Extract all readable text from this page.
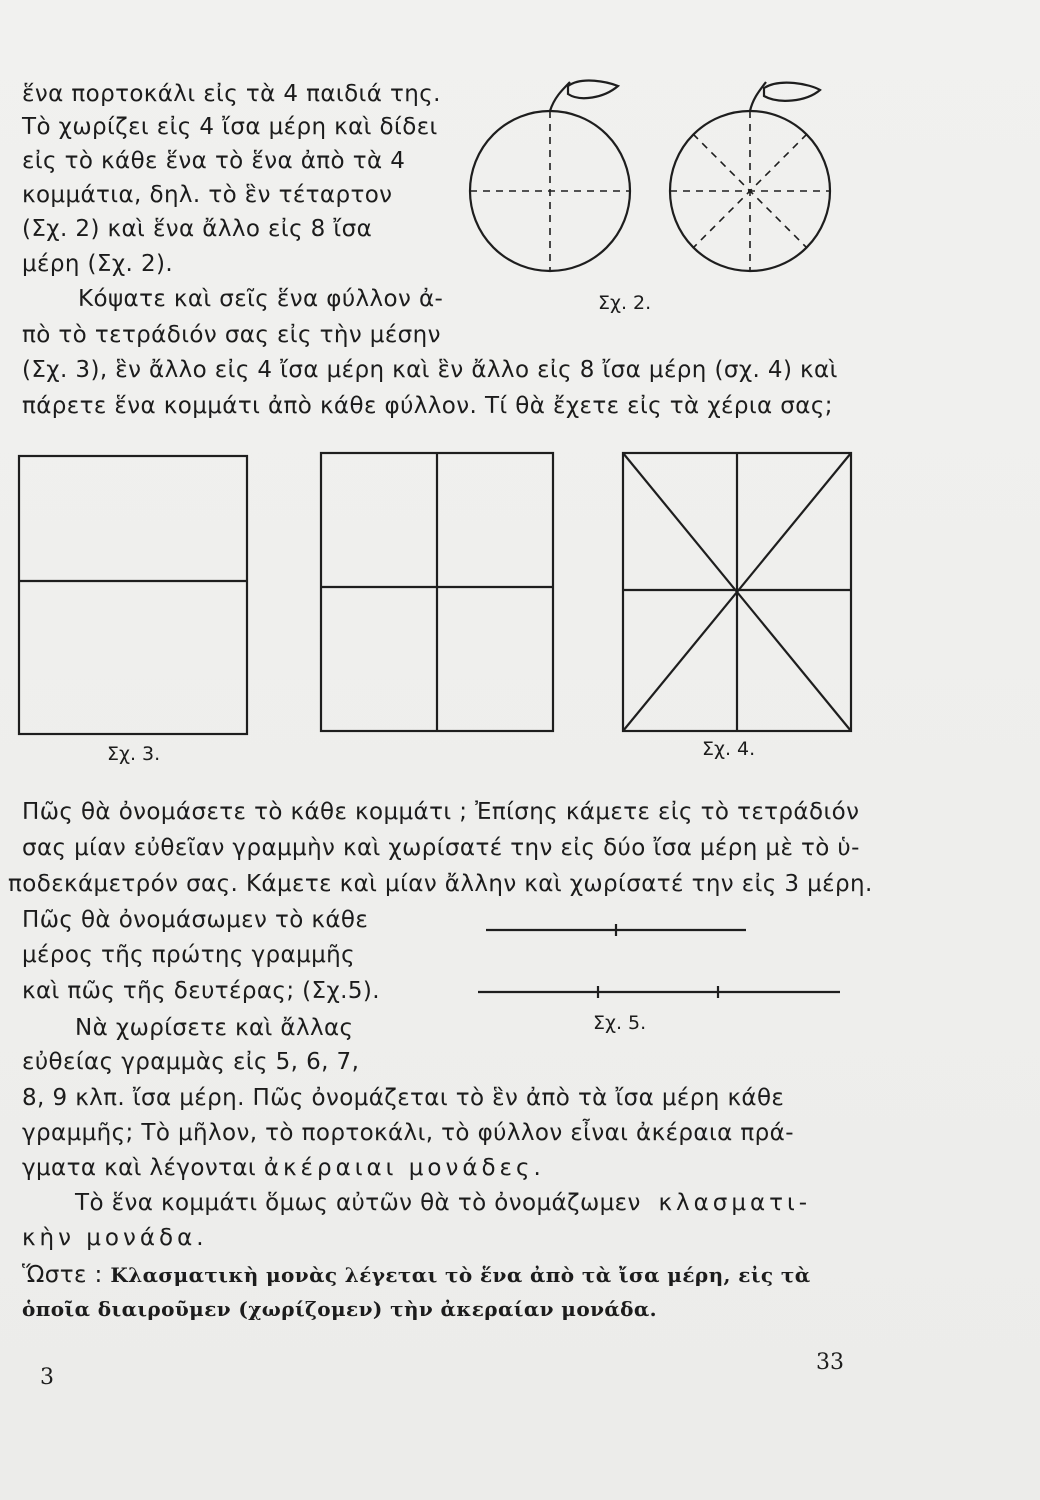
ἕνα πορτοκάλι εἰς τὰ 4 παιδιά της.
Τὸ χωρίζει εἰς 4 ἴσα μέρη καὶ δίδει
εἰς τὸ κάθε ἕνα τὸ ἕνα ἀπὸ τὰ 4
κομμάτια, δηλ. τὸ ἓν τέταρτον
(Σχ. 2) καὶ ἕνα ἄλλο εἰς 8 ἴσα
μέρη (Σχ. 2).
Κόψατε καὶ σεῖς ἕνα φύλλον ἀ-
πὸ τὸ τετράδιόν σας εἰς τὴν μέσην
(Σχ. 3), ἓν ἄλλο εἰς 4 ἴσα μέρη καὶ ἓν ἄλλο εἰς 8 ἴσα μέρη (σχ. 4) καὶ
πάρετε ἕνα κομμάτι ἀπὸ κάθε φύλλον. Τί θὰ ἔχετε εἰς τὰ χέρια σας;
Σχ. 2.
Σχ. 3.	Σχ. 4.
Πῶς θὰ ὀνομάσετε τὸ κάθε κομμάτι ; Ἐπίσης κάμετε εἰς τὸ τετράδιόν
σας μίαν εὐθεῖαν γραμμὴν καὶ χωρίσατέ την εἰς δύο ἴσα μέρη μὲ τὸ ὑ-
ποδεκάμετρόν σας. Κάμετε καὶ μίαν ἄλλην καὶ χωρίσατέ την εἰς 3 μέρη.
Πῶς θὰ ὀνομάσωμεν τὸ κάθε
μέρος τῆς πρώτης γραμμῆς
καὶ πῶς τῆς δευτέρας; (Σχ.5).
Σχ. 5.
Νὰ χωρίσετε καὶ ἄλλας
εὐθείας γραμμὰς εἰς 5, 6, 7,
8, 9 κλπ. ἴσα μέρη. Πῶς ὀνομάζεται τὸ ἓν ἀπὸ τὰ ἴσα μέρη κάθε
γραμμῆς; Τὸ μῆλον, τὸ πορτοκάλι, τὸ φύλλον εἶναι ἀκέραια πρά-
γματα καὶ λέγονται ἀκέραιαι μονάδες.
Τὸ ἕνα κομμάτι ὅμως αὐτῶν θὰ τὸ ὀνομάζωμεν κλασματι-
κὴν μονάδα.
Ὥστε : Κλασματικὴ μονὰς λέγεται τὸ ἕνα ἀπὸ τὰ ἴσα μέρη, εἰς τὰ
ὁποῖα διαιροῦμεν (χωρίζομεν) τὴν ἀκεραίαν μονάδα.
3
33
